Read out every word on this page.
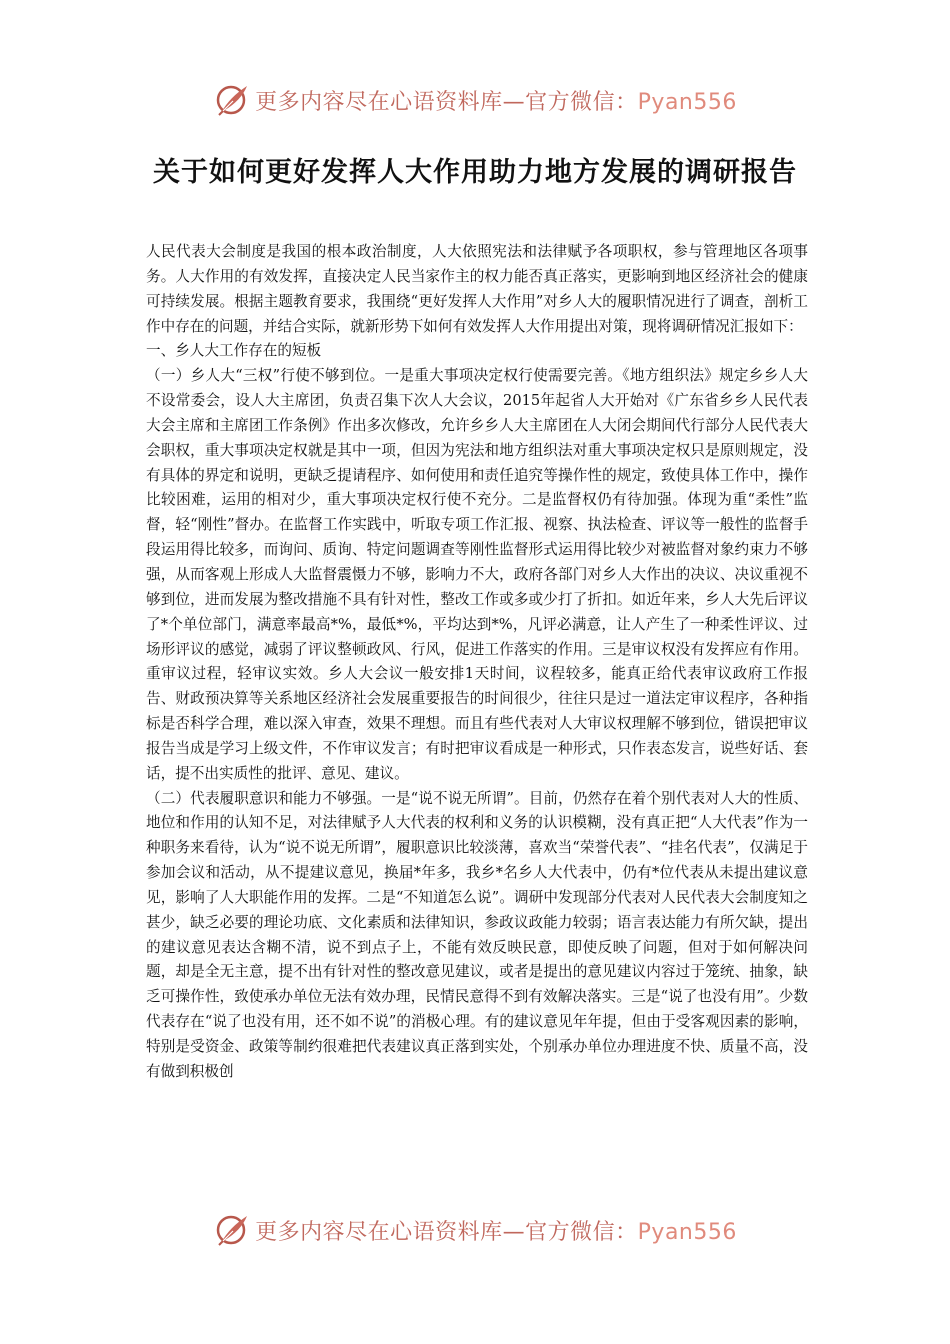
更多内容尽在心语资料库—官方微信：Pyan556
关于如何更好发挥人大作用助力地方发展的调研报告

人民代表大会制度是我国的根本政治制度，人大依照宪法和法律赋予各项职权，参与管理地区各项事务。人大作用的有效发挥，直接决定人民当家作主的权力能否真正落实，更影响到地区经济社会的健康可持续发展。根据主题教育要求，我围绕“更好发挥人大作用”对乡人大的履职情况进行了调查，剖析工作中存在的问题，并结合实际，就新形势下如何有效发挥人大作用提出对策，现将调研情况汇报如下：

一、乡人大工作存在的短板

（一）乡人大“三权”行使不够到位。一是重大事项决定权行使需要完善。《地方组织法》规定乡乡人大不设常委会，设人大主席团，负责召集下次人大会议，2015年起省人大开始对《广东省乡乡人民代表大会主席和主席团工作条例》作出多次修改，允许乡乡人大主席团在人大闭会期间代行部分人民代表大会职权，重大事项决定权就是其中一项，但因为宪法和地方组织法对重大事项决定权只是原则规定，没有具体的界定和说明，更缺乏提请程序、如何使用和责任追究等操作性的规定，致使具体工作中，操作比较困难，运用的相对少，重大事项决定权行使不充分。二是监督权仍有待加强。体现为重“柔性”监督，轻“刚性”督办。在监督工作实践中，听取专项工作汇报、视察、执法检查、评议等一般性的监督手段运用得比较多，而询问、质询、特定问题调查等刚性监督形式运用得比较少对被监督对象约束力不够强，从而客观上形成人大监督震慑力不够，影响力不大，政府各部门对乡人大作出的决议、决议重视不够到位，进而发展为整改措施不具有针对性，整改工作或多或少打了折扣。如近年来，乡人大先后评议了*个单位部门，满意率最高*%，最低*%，平均达到*%，凡评必满意，让人产生了一种柔性评议、过场形评议的感觉，减弱了评议整顿政风、行风，促进工作落实的作用。三是审议权没有发挥应有作用。重审议过程，轻审议实效。乡人大会议一般安排1天时间，议程较多，能真正给代表审议政府工作报告、财政预决算等关系地区经济社会发展重要报告的时间很少，往往只是过一道法定审议程序，各种指标是否科学合理，难以深入审查，效果不理想。而且有些代表对人大审议权理解不够到位，错误把审议报告当成是学习上级文件，不作审议发言；有时把审议看成是一种形式，只作表态发言，说些好话、套话，提不出实质性的批评、意见、建议。

（二）代表履职意识和能力不够强。一是“说不说无所谓”。目前，仍然存在着个别代表对人大的性质、地位和作用的认知不足，对法律赋予人大代表的权利和义务的认识模糊，没有真正把“人大代表”作为一种职务来看待，认为“说不说无所谓”，履职意识比较淡薄，喜欢当“荣誉代表”、“挂名代表”，仅满足于参加会议和活动，从不提建议意见，换届*年多，我乡*名乡人大代表中，仍有*位代表从未提出建议意见，影响了人大职能作用的发挥。二是“不知道怎么说”。调研中发现部分代表对人民代表大会制度知之甚少，缺乏必要的理论功底、文化素质和法律知识，参政议政能力较弱；语言表达能力有所欠缺，提出的建议意见表达含糊不清，说不到点子上，不能有效反映民意，即使反映了问题，但对于如何解决问题，却是全无主意，提不出有针对性的整改意见建议，或者是提出的意见建议内容过于笼统、抽象，缺乏可操作性，致使承办单位无法有效办理，民情民意得不到有效解决落实。三是“说了也没有用”。少数代表存在“说了也没有用，还不如不说”的消极心理。有的建议意见年年提，但由于受客观因素的影响，特别是受资金、政策等制约很难把代表建议真正落到实处，个别承办单位办理进度不快、质量不高，没有做到积极创

更多内容尽在心语资料库—官方微信：Pyan556
